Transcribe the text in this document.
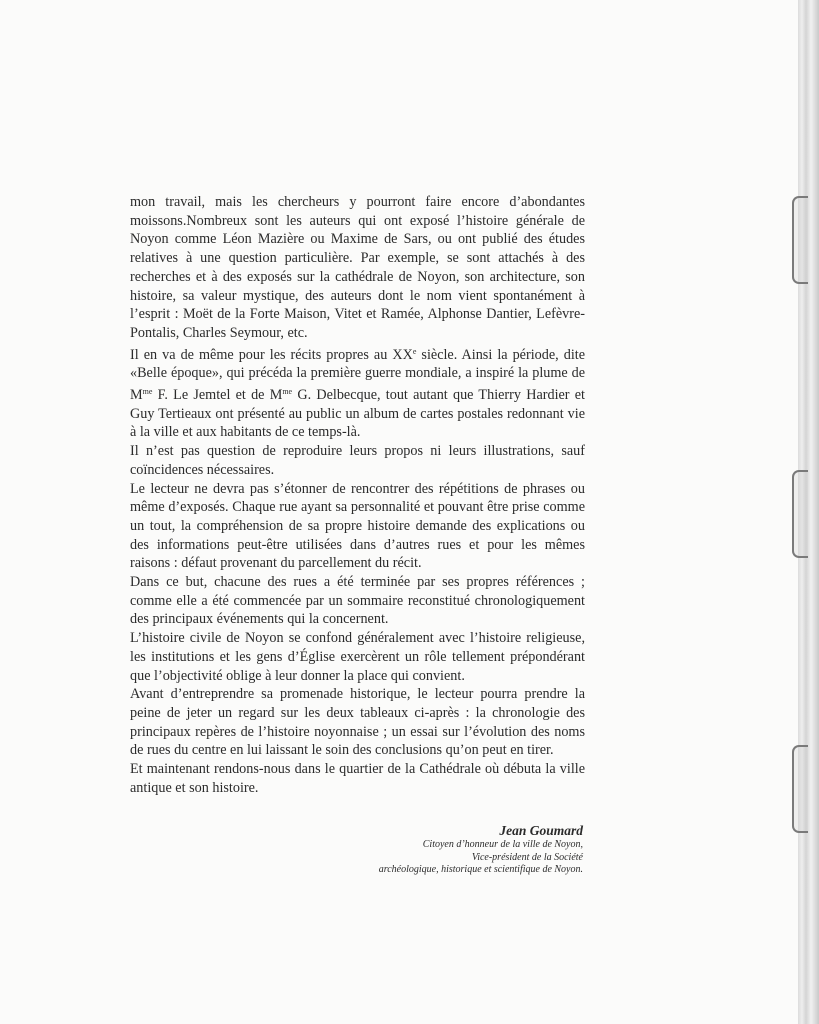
mon travail, mais les chercheurs y pourront faire encore d’abondantes moissons.Nombreux sont les auteurs qui ont exposé l’histoire générale de Noyon comme Léon Mazière ou Maxime de Sars, ou ont publié des études relatives à une question particulière. Par exemple, se sont attachés à des recherches et à des exposés sur la cathédrale de Noyon, son architecture, son histoire, sa valeur mystique, des auteurs dont le nom vient spontanément à l’esprit : Moët de la Forte Maison, Vitet et Ramée, Alphonse Dantier, Lefèvre-Pontalis, Charles Seymour, etc.

Il en va de même pour les récits propres au XXe siècle. Ainsi la période, dite «Belle époque», qui précéda la première guerre mondiale, a inspiré la plume de $M^{me}$ F. Le Jemtel et de $M^{me}$ G. Delbecque, tout autant que Thierry Hardier et Guy Tertieaux ont présenté au public un album de cartes postales redonnant vie à la ville et aux habitants de ce temps-là.

Il n’est pas question de reproduire leurs propos ni leurs illustrations, sauf coïncidences nécessaires.

Le lecteur ne devra pas s’étonner de rencontrer des répétitions de phrases ou même d’exposés. Chaque rue ayant sa personnalité et pouvant être prise comme un tout, la compréhension de sa propre histoire demande des explications ou des informations peut-être utilisées dans d’autres rues et pour les mêmes raisons : défaut provenant du parcellement du récit.

Dans ce but, chacune des rues a été terminée par ses propres références ; comme elle a été commencée par un sommaire reconstitué chronologiquement des principaux événements qui la concernent.

L’histoire civile de Noyon se confond généralement avec l’histoire religieuse, les institutions et les gens d’Église exercèrent un rôle tellement prépondérant que l’objectivité oblige à leur donner la place qui convient.

Avant d’entreprendre sa promenade historique, le lecteur pourra prendre la peine de jeter un regard sur les deux tableaux ci-après : la chronologie des principaux repères de l’histoire noyonnaise ; un essai sur l’évolution des noms de rues du centre en lui laissant le soin des conclusions qu’on peut en tirer.

Et maintenant rendons-nous dans le quartier de la Cathédrale où débuta la ville antique et son histoire.

Jean Goumard
Citoyen d’honneur de la ville de Noyon,
Vice-président de la Société
archéologique, historique et scientifique de Noyon.
